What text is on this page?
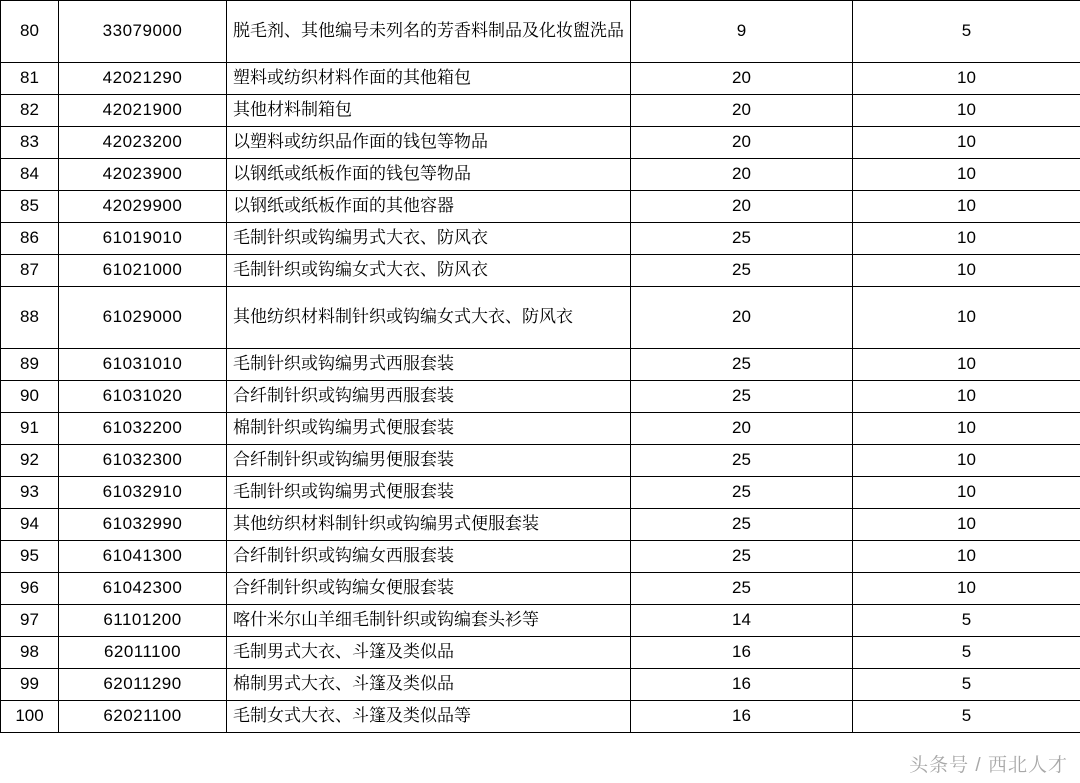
80	33079000	脱毛剂、其他编号未列名的芳香料制品及化妆盥洗品	9	5
81	42021290	塑料或纺织材料作面的其他箱包	20	10
82	42021900	其他材料制箱包	20	10
83	42023200	以塑料或纺织品作面的钱包等物品	20	10
84	42023900	以钢纸或纸板作面的钱包等物品	20	10
85	42029900	以钢纸或纸板作面的其他容器	20	10
86	61019010	毛制针织或钩编男式大衣、防风衣	25	10
87	61021000	毛制针织或钩编女式大衣、防风衣	25	10
88	61029000	其他纺织材料制针织或钩编女式大衣、防风衣	20	10
89	61031010	毛制针织或钩编男式西服套装	25	10
90	61031020	合纤制针织或钩编男西服套装	25	10
91	61032200	棉制针织或钩编男式便服套装	20	10
92	61032300	合纤制针织或钩编男便服套装	25	10
93	61032910	毛制针织或钩编男式便服套装	25	10
94	61032990	其他纺织材料制针织或钩编男式便服套装	25	10
95	61041300	合纤制针织或钩编女西服套装	25	10
96	61042300	合纤制针织或钩编女便服套装	25	10
97	61101200	喀什米尔山羊细毛制针织或钩编套头衫等	14	5
98	62011100	毛制男式大衣、斗篷及类似品	16	5
99	62011290	棉制男式大衣、斗篷及类似品	16	5
100	62021100	毛制女式大衣、斗篷及类似品等	16	5
头条号 / 西北人才
